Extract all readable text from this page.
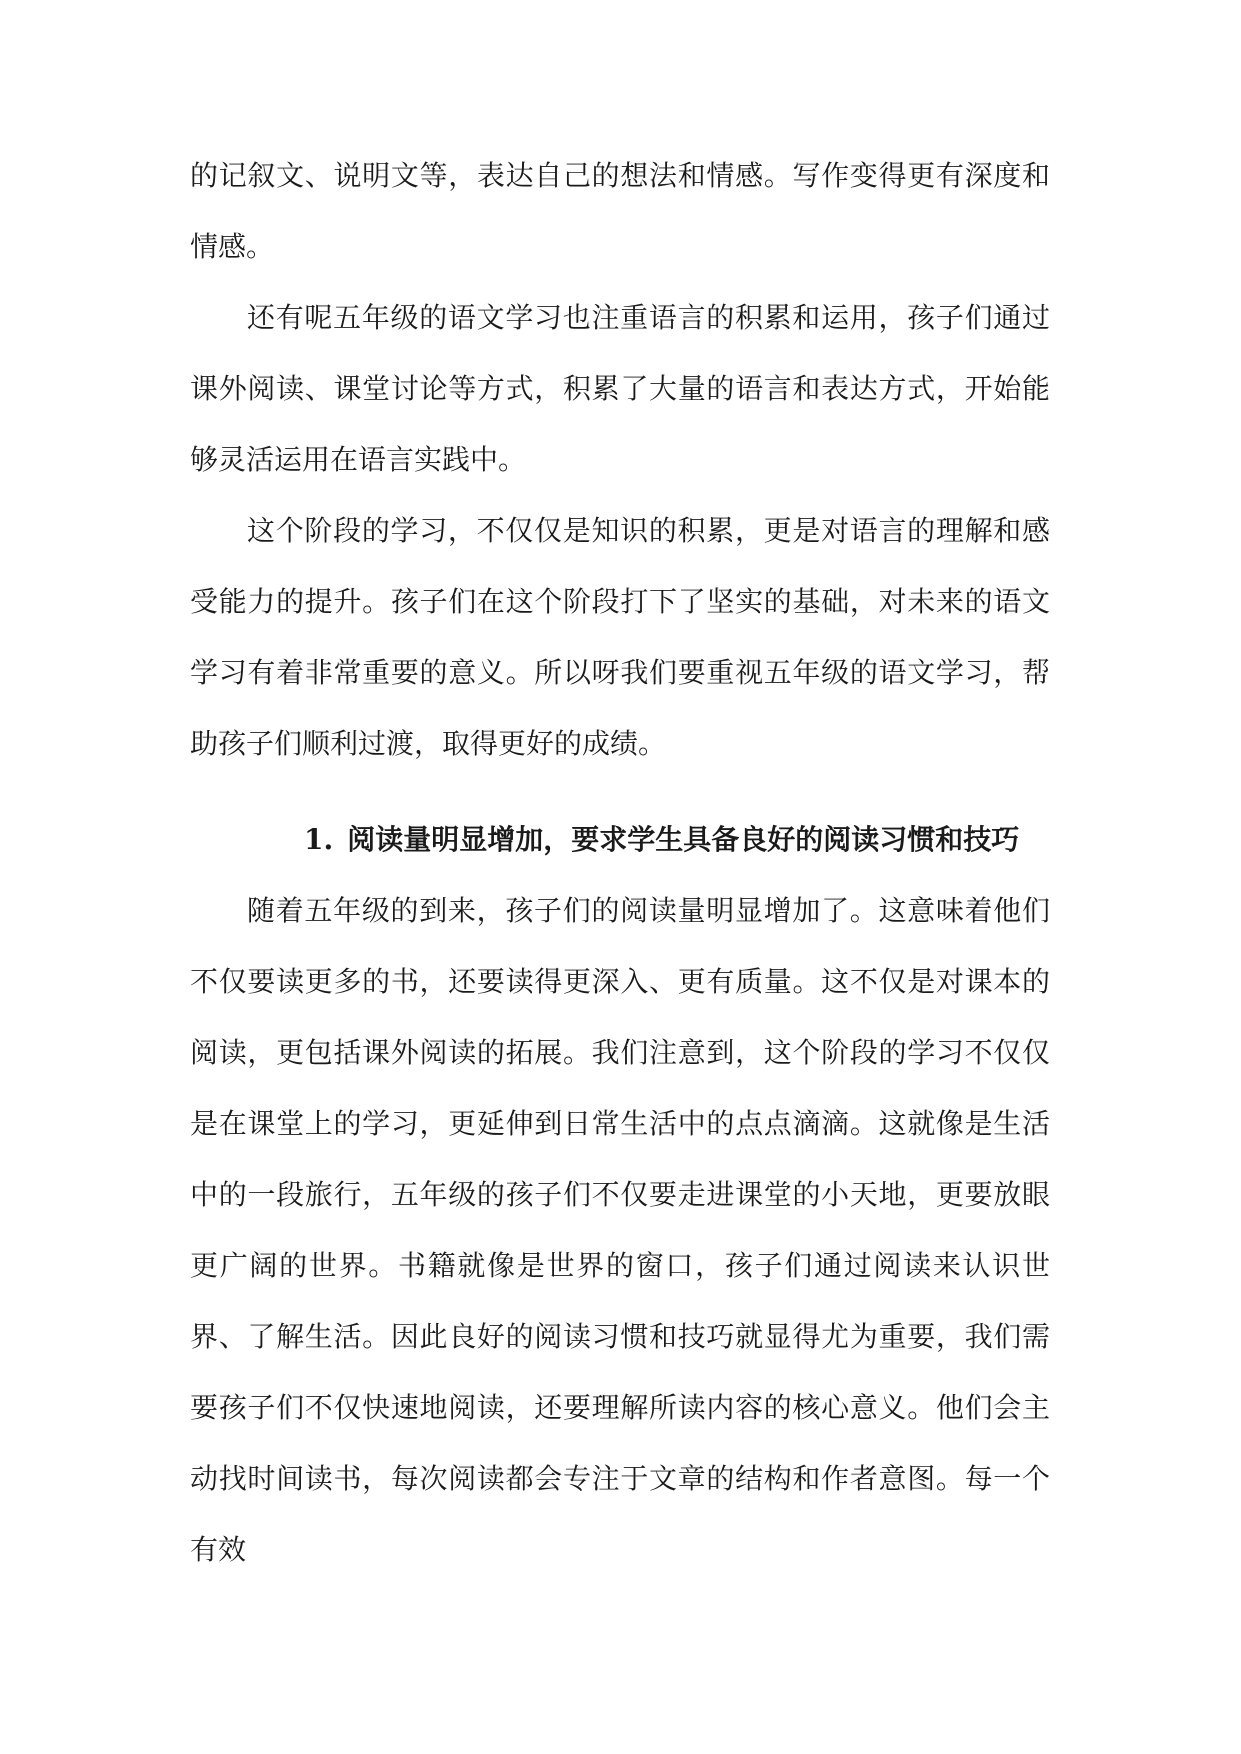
的记叙文、说明文等，表达自己的想法和情感。写作变得更有深度和情感。

还有呢五年级的语文学习也注重语言的积累和运用，孩子们通过课外阅读、课堂讨论等方式，积累了大量的语言和表达方式，开始能够灵活运用在语言实践中。

这个阶段的学习，不仅仅是知识的积累，更是对语言的理解和感受能力的提升。孩子们在这个阶段打下了坚实的基础，对未来的语文学习有着非常重要的意义。所以呀我们要重视五年级的语文学习，帮助孩子们顺利过渡，取得更好的成绩。

1. 阅读量明显增加，要求学生具备良好的阅读习惯和技巧

随着五年级的到来，孩子们的阅读量明显增加了。这意味着他们不仅要读更多的书，还要读得更深入、更有质量。这不仅是对课本的阅读，更包括课外阅读的拓展。我们注意到，这个阶段的学习不仅仅是在课堂上的学习，更延伸到日常生活中的点点滴滴。这就像是生活中的一段旅行，五年级的孩子们不仅要走进课堂的小天地，更要放眼更广阔的世界。书籍就像是世界的窗口，孩子们通过阅读来认识世界、了解生活。因此良好的阅读习惯和技巧就显得尤为重要，我们需要孩子们不仅快速地阅读，还要理解所读内容的核心意义。他们会主动找时间读书，每次阅读都会专注于文章的结构和作者意图。每一个有效
